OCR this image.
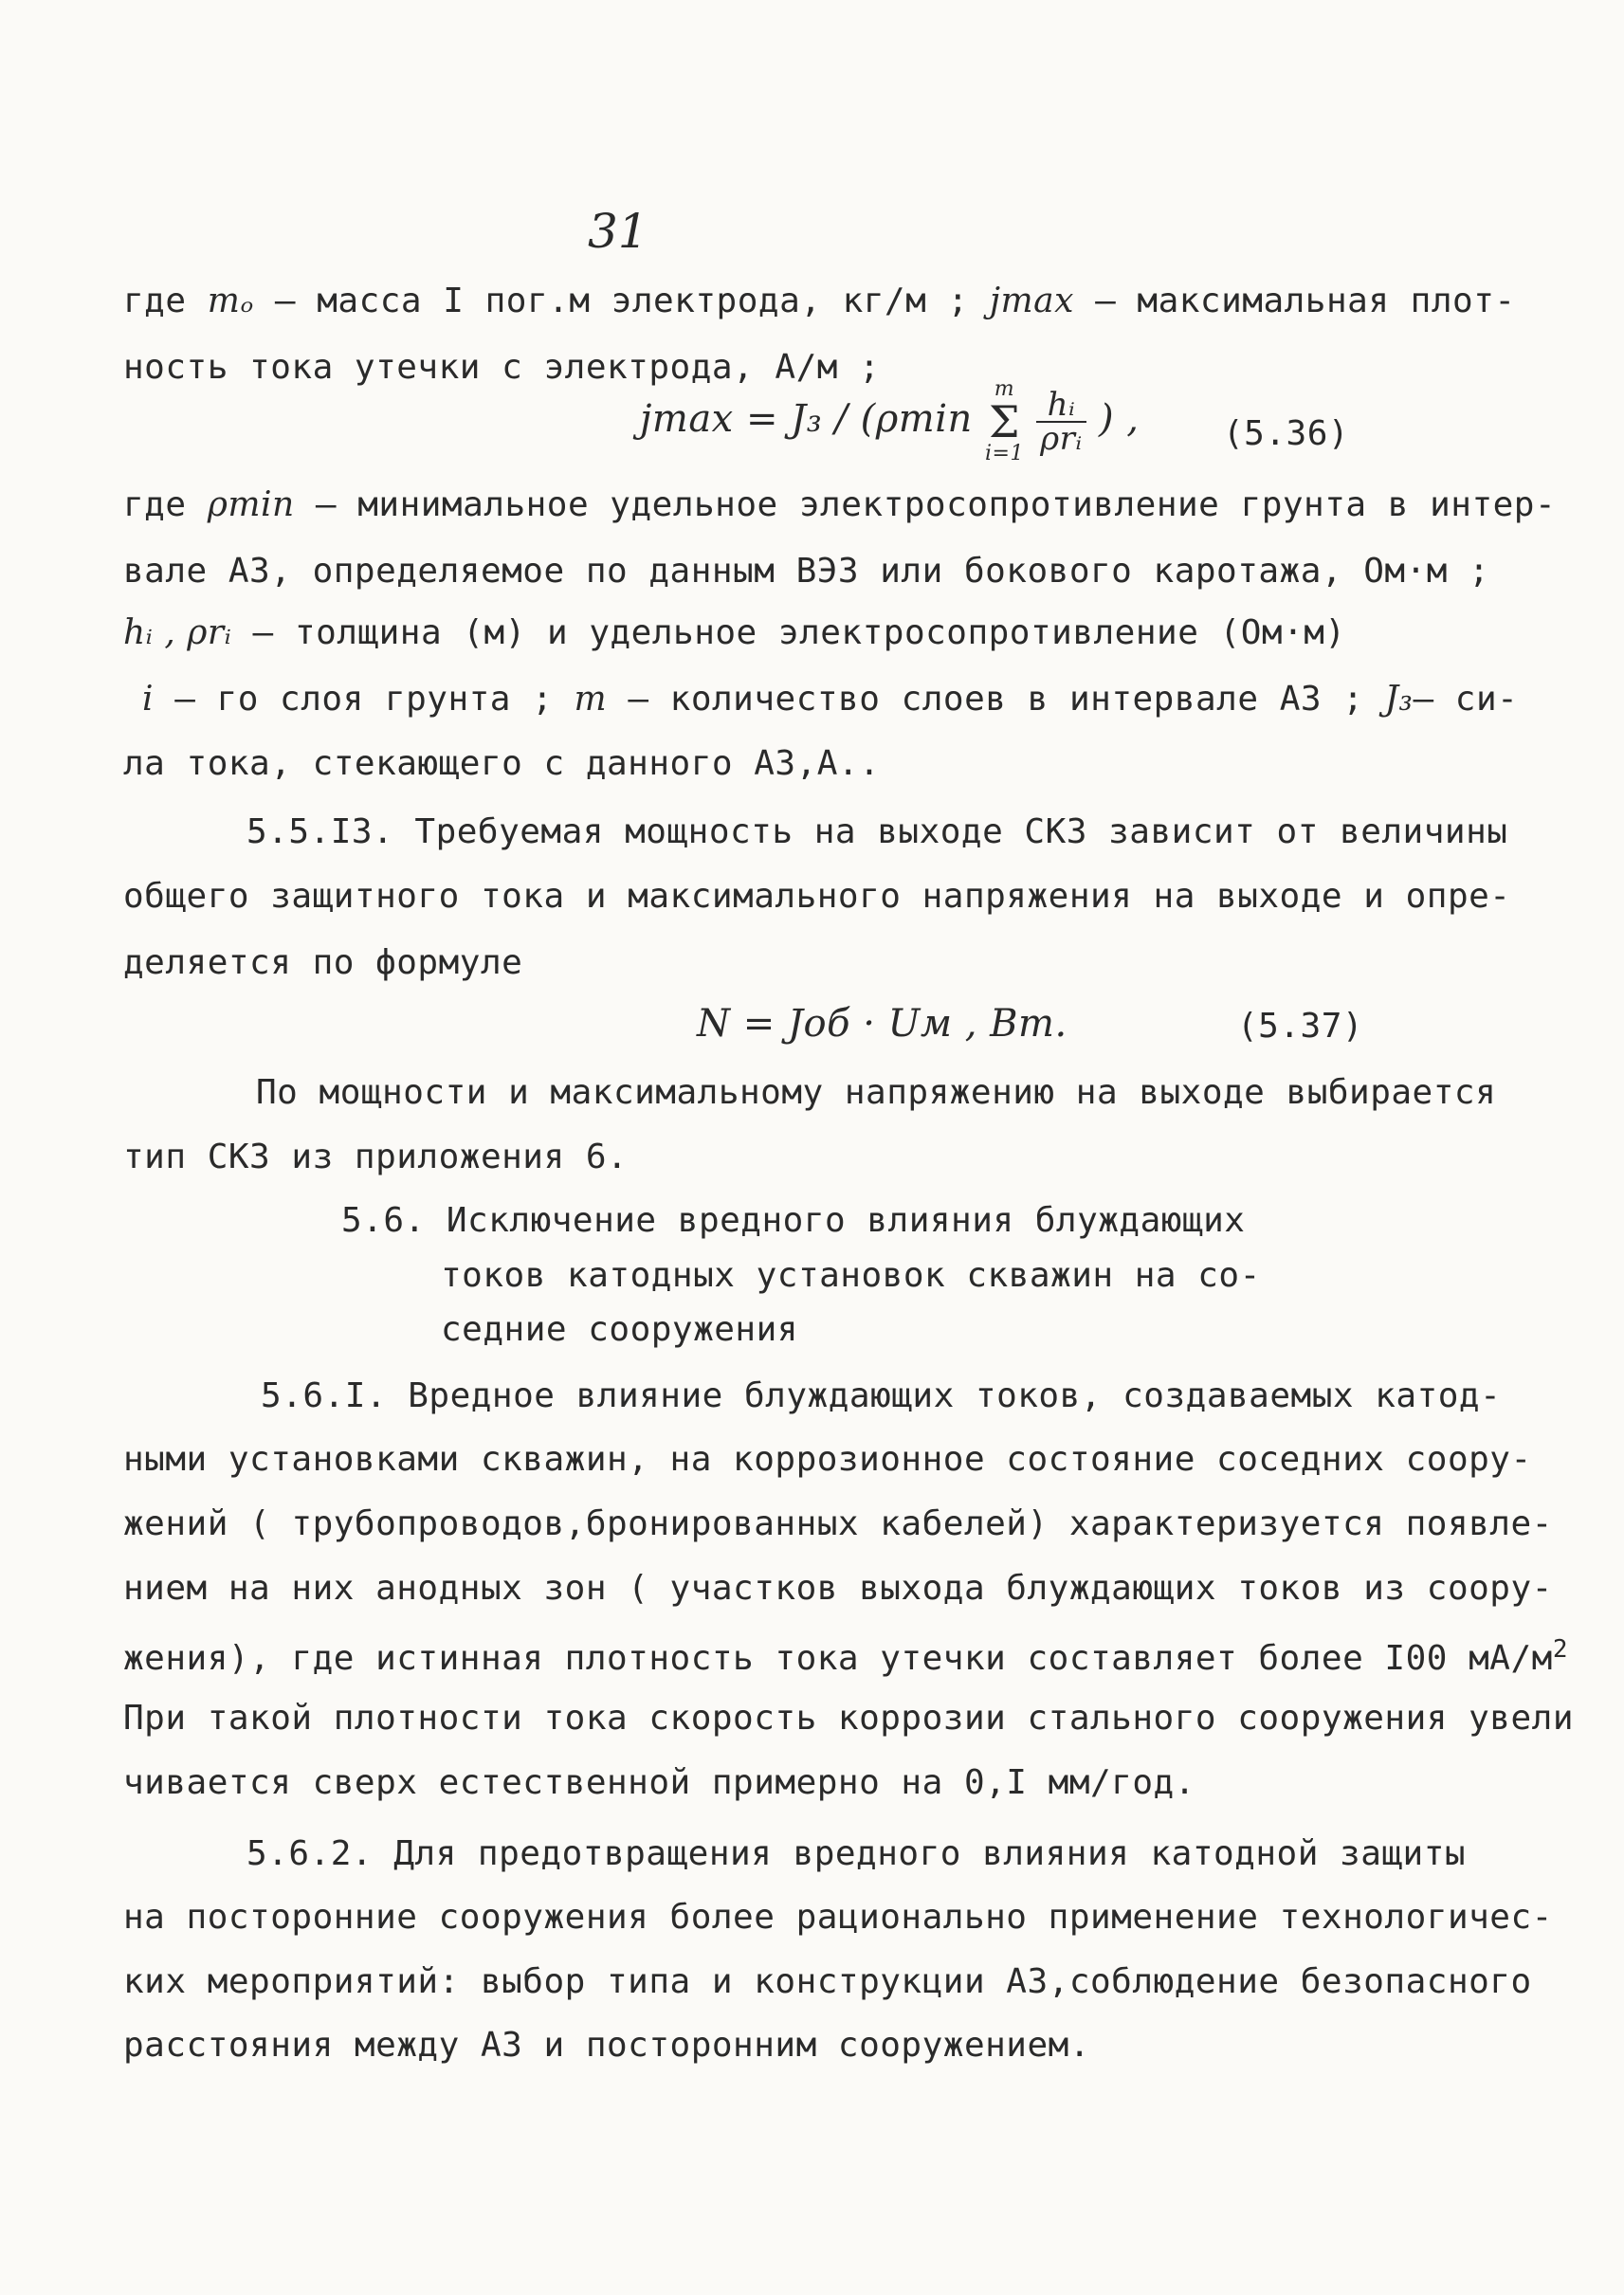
31
где mₒ – масса I пог.м электрода, кг/м ; jmax – максимальная плот-
ность тока утечки с электрода, А/м ;
jmax = J₃ / (ρmin m
Σ
$i=1 \frac{\text{hᵢ}}{\text{ρrᵢ}}$ ) , (5.36)
где ρmin – минимальное удельное электросопротивление грунта в интер-
вале АЗ, определяемое по данным ВЭЗ или бокового каротажа, Ом·м ;
hᵢ , ρrᵢ – толщина (м) и удельное электросопротивление (Ом·м)
i – го слоя грунта ; m – количество слоев в интервале АЗ ; J₃– си-
ла тока, стекающего с данного АЗ,А..
5.5.I3. Требуемая мощность на выходе СКЗ зависит от величины
общего защитного тока и максимального напряжения на выходе и опре-
деляется по формуле
N = Jоб · Uм , Вт.	(5.37)
По мощности и максимальному напряжению на выходе выбирается
тип СКЗ из приложения 6.
5.6. Исключение вредного влияния блуждающих
токов катодных установок скважин на со-
седние сооружения
5.6.I. Вредное влияние блуждающих токов, создаваемых катод-
ными установками скважин, на коррозионное состояние соседних соору-
жений ( трубопроводов,бронированных кабелей) характеризуется появле-
нием на них анодных зон ( участков выхода блуждающих токов из соору-
жения), где истинная плотность тока утечки составляет более I00 $мА/м^2$
При такой плотности тока скорость коррозии стального сооружения увели
чивается сверх естественной примерно на 0,I мм/год.
5.6.2. Для предотвращения вредного влияния катодной защиты
на посторонние сооружения более рационально применение технологичес-
ких мероприятий: выбор типа и конструкции АЗ,соблюдение безопасного
расстояния между АЗ и посторонним сооружением.
